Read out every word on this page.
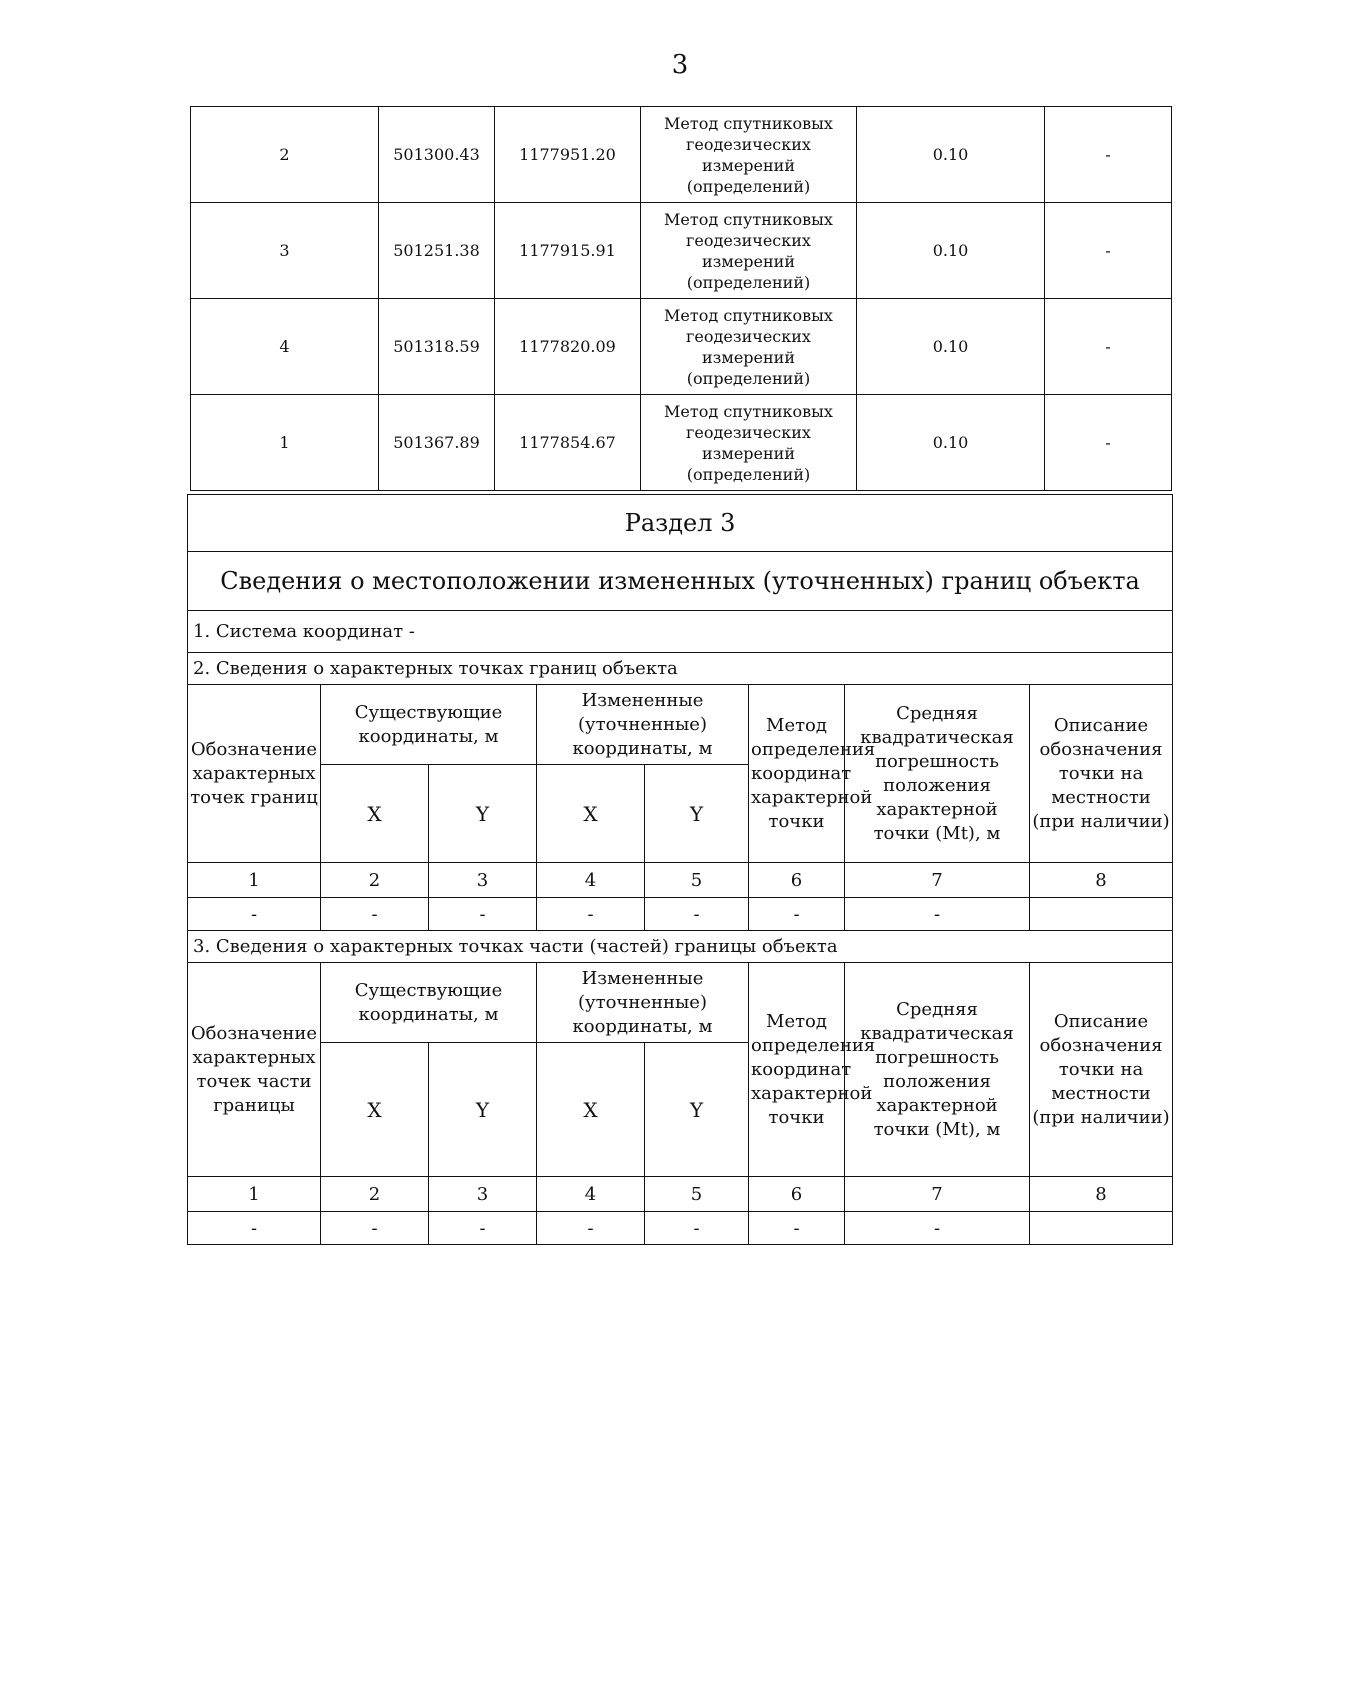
3
2	501300.43	1177951.20	Метод спутниковых геодезических измерений (определений)	0.10	-
3	501251.38	1177915.91	Метод спутниковых геодезических измерений (определений)	0.10	-
4	501318.59	1177820.09	Метод спутниковых геодезических измерений (определений)	0.10	-
1	501367.89	1177854.67	Метод спутниковых геодезических измерений (определений)	0.10	-
Раздел 3							
Сведения о местоположении измененных (уточненных) границ объекта							
1. Система координат -							
2. Сведения о характерных точках границ объекта							
Обозначение характерных точек границ	Существующие координаты, м		Измененные (уточненные) координаты, м		Метод определения координат характерной точки	Средняя квадратическая погрешность положения характерной точки (Mt), м	Описание обозначения точки на местности (при наличии)
	X	Y	X	Y			
1	2	3	4	5	6	7	8
-	-	-	-	-	-	-	
3. Сведения о характерных точках части (частей) границы объекта							
Обозначение характерных точек части границы	Существующие координаты, м		Измененные (уточненные) координаты, м		Метод определения координат характерной точки	Средняя квадратическая погрешность положения характерной точки (Mt), м	Описание обозначения точки на местности (при наличии)
	X	Y	X	Y			
1	2	3	4	5	6	7	8
-	-	-	-	-	-	-	
